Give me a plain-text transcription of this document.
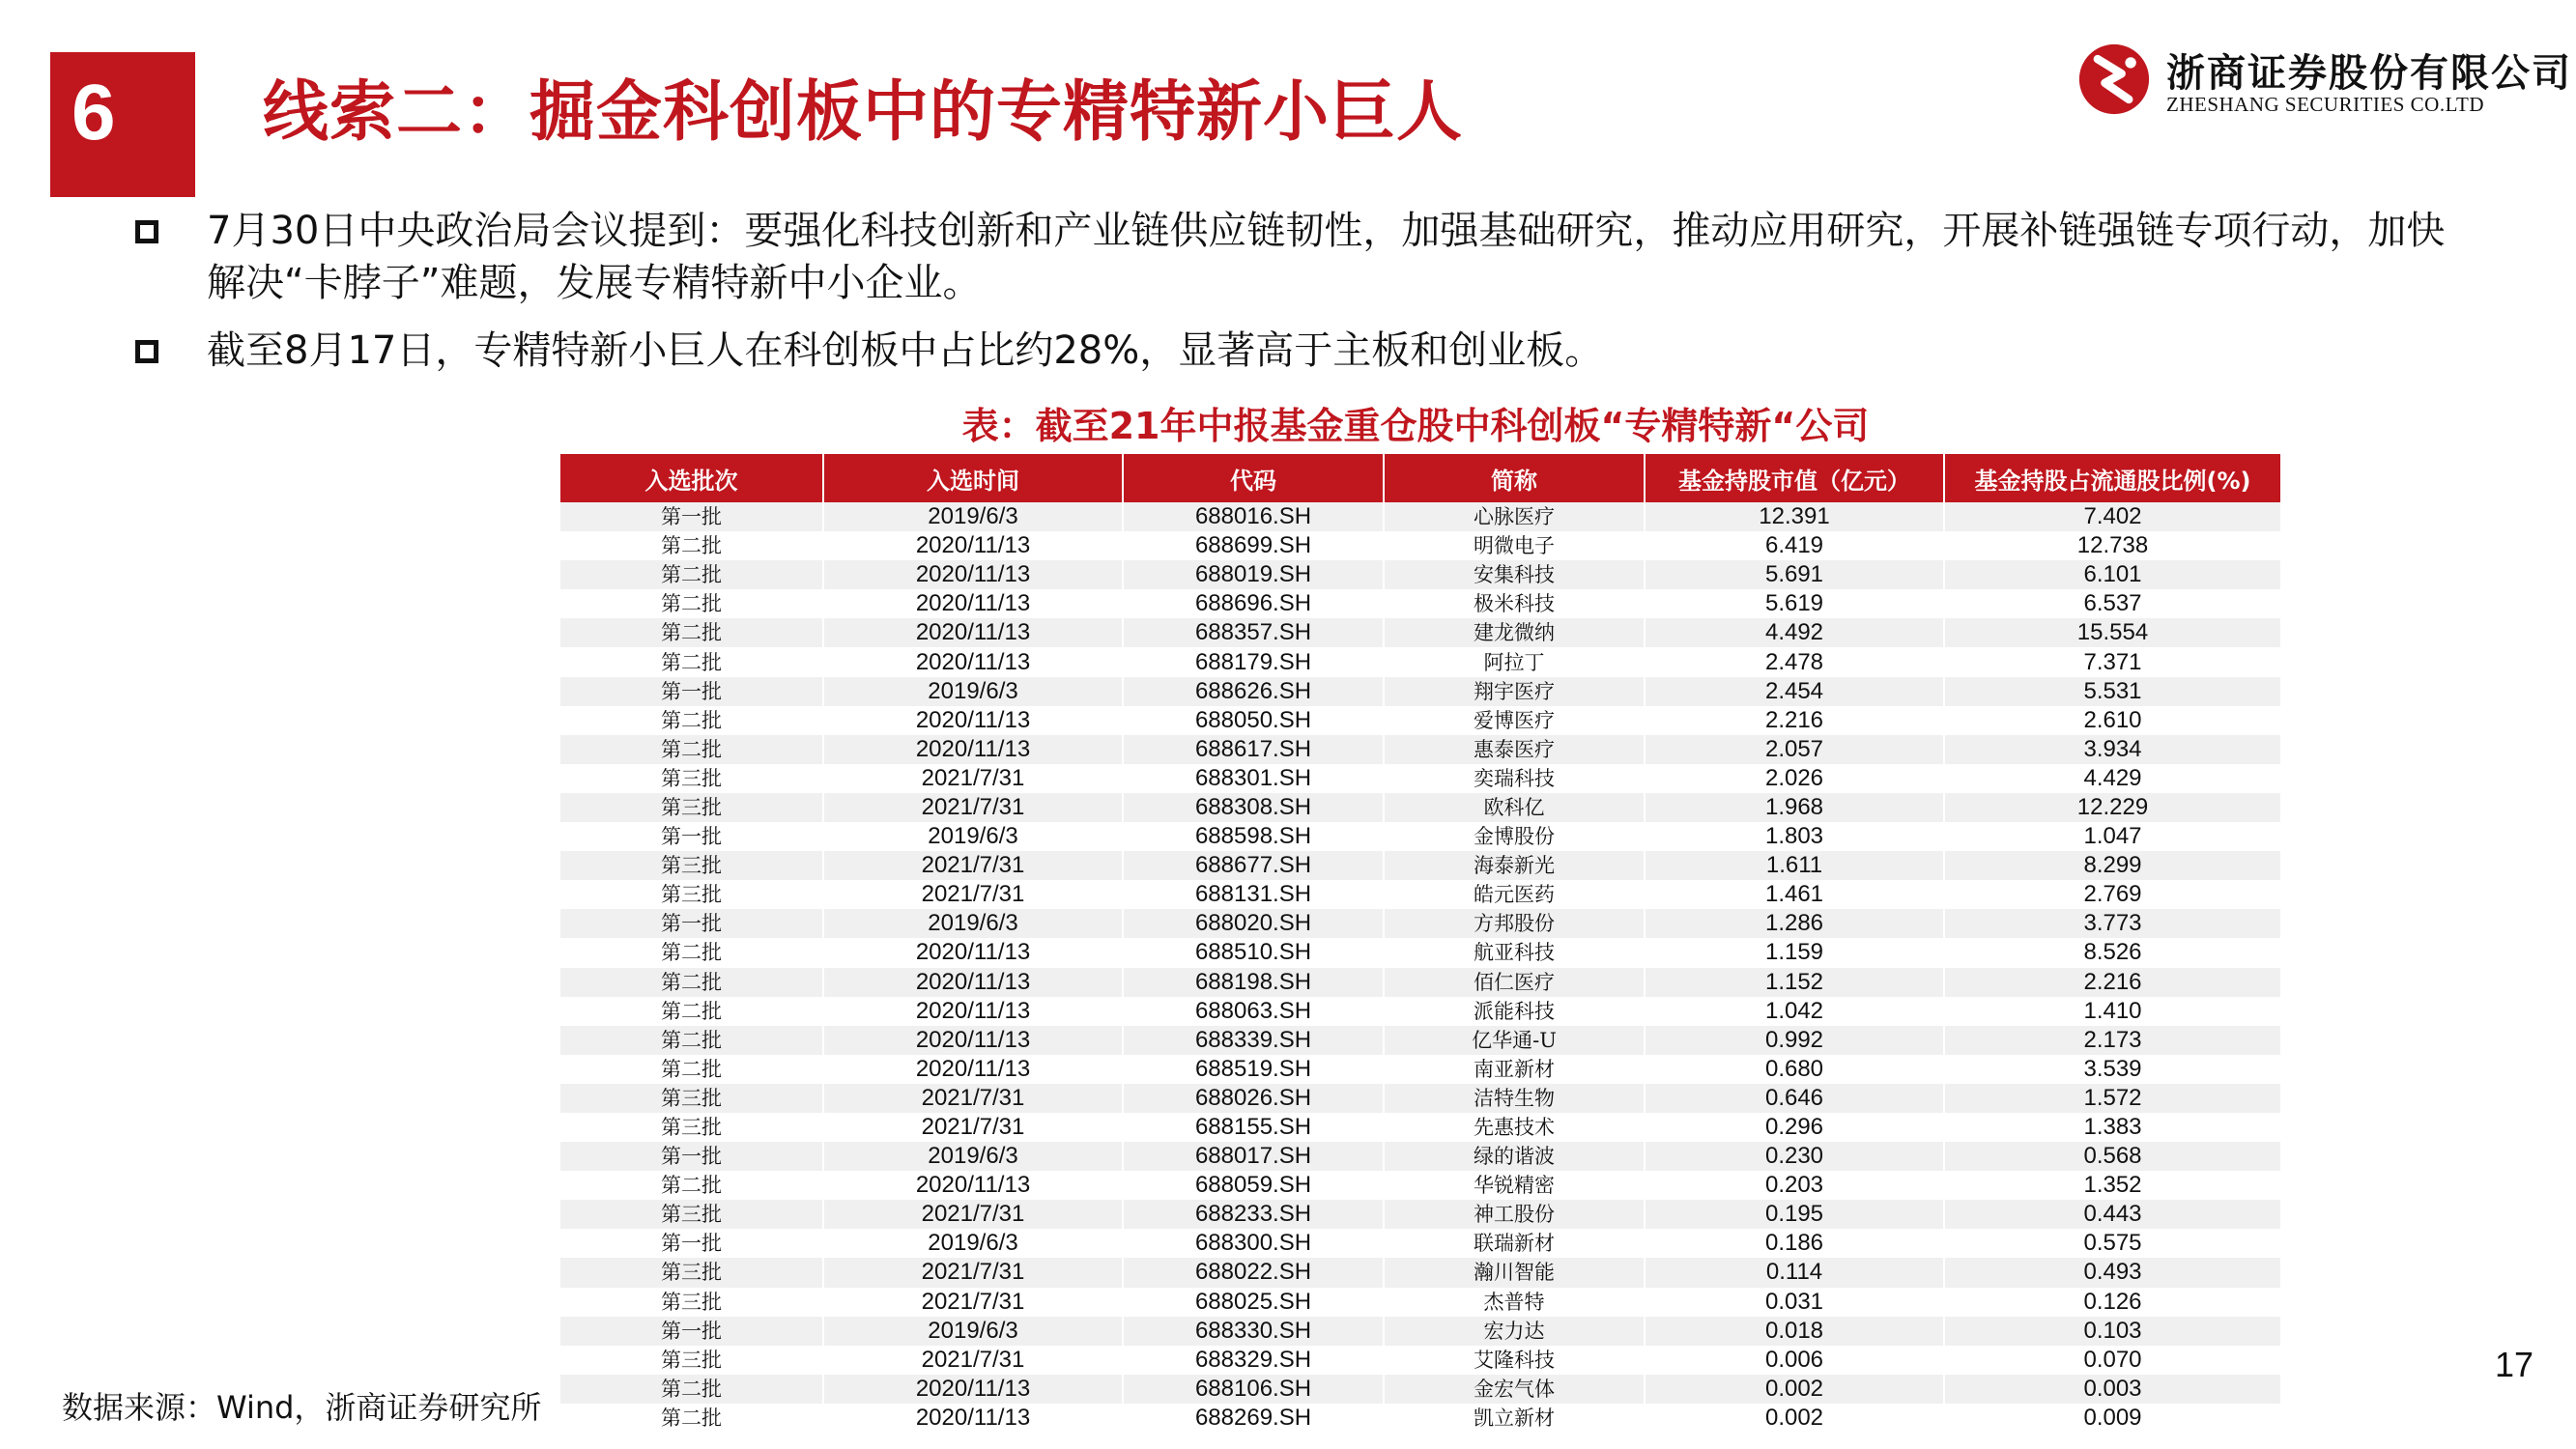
6 线索二：掘金科创板中的专精特新小巨人
浙商证券股份有限公司
ZHESHANG SECURITIES CO.LTD
7月30日中央政治局会议提到：要强化科技创新和产业链供应链韧性，加强基础研究，推动应用研究，开展补链强链专项行动，加快解决“卡脖子”难题，发展专精特新中小企业。
截至8月17日，专精特新小巨人在科创板中占比约28%，显著高于主板和创业板。
表：截至21年中报基金重仓股中科创板“专精特新“公司
入选批次	入选时间	代码	简称	基金持股市值（亿元）	基金持股占流通股比例(%)
第一批	2019/6/3	688016.SH	心脉医疗	12.391	7.402
第二批	2020/11/13	688699.SH	明微电子	6.419	12.738
第二批	2020/11/13	688019.SH	安集科技	5.691	6.101
第二批	2020/11/13	688696.SH	极米科技	5.619	6.537
第二批	2020/11/13	688357.SH	建龙微纳	4.492	15.554
第二批	2020/11/13	688179.SH	阿拉丁	2.478	7.371
第一批	2019/6/3	688626.SH	翔宇医疗	2.454	5.531
第二批	2020/11/13	688050.SH	爱博医疗	2.216	2.610
第二批	2020/11/13	688617.SH	惠泰医疗	2.057	3.934
第三批	2021/7/31	688301.SH	奕瑞科技	2.026	4.429
第三批	2021/7/31	688308.SH	欧科亿	1.968	12.229
第一批	2019/6/3	688598.SH	金博股份	1.803	1.047
第三批	2021/7/31	688677.SH	海泰新光	1.611	8.299
第三批	2021/7/31	688131.SH	皓元医药	1.461	2.769
第一批	2019/6/3	688020.SH	方邦股份	1.286	3.773
第二批	2020/11/13	688510.SH	航亚科技	1.159	8.526
第二批	2020/11/13	688198.SH	佰仁医疗	1.152	2.216
第二批	2020/11/13	688063.SH	派能科技	1.042	1.410
第二批	2020/11/13	688339.SH	亿华通-U	0.992	2.173
第二批	2020/11/13	688519.SH	南亚新材	0.680	3.539
第三批	2021/7/31	688026.SH	洁特生物	0.646	1.572
第三批	2021/7/31	688155.SH	先惠技术	0.296	1.383
第一批	2019/6/3	688017.SH	绿的谐波	0.230	0.568
第二批	2020/11/13	688059.SH	华锐精密	0.203	1.352
第三批	2021/7/31	688233.SH	神工股份	0.195	0.443
第一批	2019/6/3	688300.SH	联瑞新材	0.186	0.575
第三批	2021/7/31	688022.SH	瀚川智能	0.114	0.493
第三批	2021/7/31	688025.SH	杰普特	0.031	0.126
第一批	2019/6/3	688330.SH	宏力达	0.018	0.103
第三批	2021/7/31	688329.SH	艾隆科技	0.006	0.070
第二批	2020/11/13	688106.SH	金宏气体	0.002	0.003
第二批	2020/11/13	688269.SH	凯立新材	0.002	0.009
数据来源：Wind，浙商证券研究所
17
